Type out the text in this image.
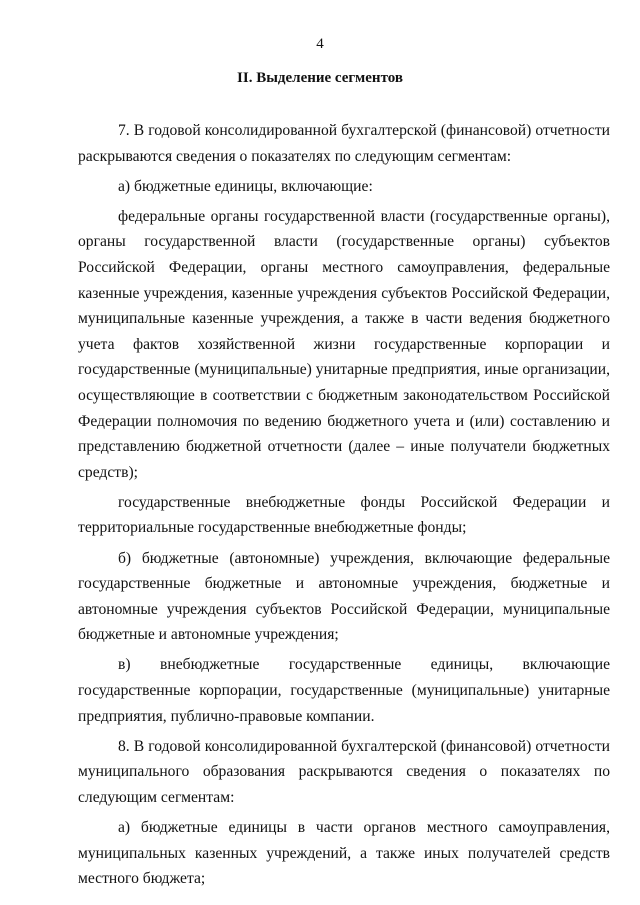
4
II. Выделение сегментов

7. В годовой консолидированной бухгалтерской (финансовой) отчетности раскрываются сведения о показателях по следующим сегментам:

а) бюджетные единицы, включающие:

федеральные органы государственной власти (государственные органы), органы государственной власти (государственные органы) субъектов Российской Федерации, органы местного самоуправления, федеральные казенные учреждения, казенные учреждения субъектов Российской Федерации, муниципальные казенные учреждения, а также в части ведения бюджетного учета фактов хозяйственной жизни государственные корпорации и государственные (муниципальные) унитарные предприятия, иные организации, осуществляющие в соответствии с бюджетным законодательством Российской Федерации полномочия по ведению бюджетного учета и (или) составлению и представлению бюджетной отчетности (далее – иные получатели бюджетных средств);

государственные внебюджетные фонды Российской Федерации и территориальные государственные внебюджетные фонды;

б) бюджетные (автономные) учреждения, включающие федеральные государственные бюджетные и автономные учреждения, бюджетные и автономные учреждения субъектов Российской Федерации, муниципальные бюджетные и автономные учреждения;

в) внебюджетные государственные единицы, включающие государственные корпорации, государственные (муниципальные) унитарные предприятия, публично-правовые компании.

8. В годовой консолидированной бухгалтерской (финансовой) отчетности муниципального образования раскрываются сведения о показателях по следующим сегментам:

а) бюджетные единицы в части органов местного самоуправления, муниципальных казенных учреждений, а также иных получателей средств местного бюджета;
